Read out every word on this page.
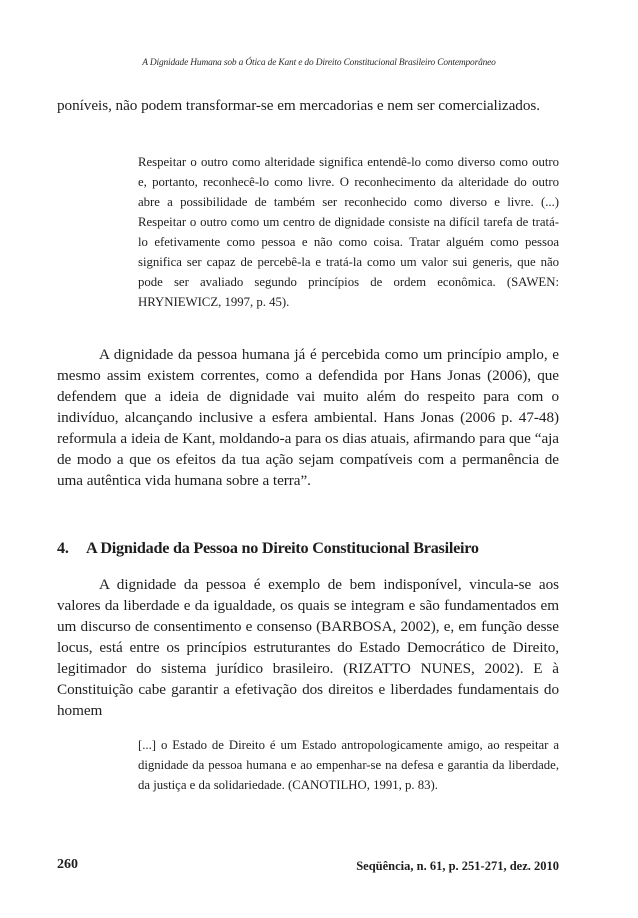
A Dignidade Humana sob a Ótica de Kant e do Direito Constitucional Brasileiro Contemporâneo

poníveis, não podem transformar-se em mercadorias e nem ser comercializados.

Respeitar o outro como alteridade significa entendê-lo como diverso como outro e, portanto, reconhecê-lo como livre. O reconhecimento da alteridade do outro abre a possibilidade de também ser reconhecido como diverso e livre. (...) Respeitar o outro como um centro de dignidade consiste na difícil tarefa de tratá-lo efetivamente como pessoa e não como coisa. Tratar alguém como pessoa significa ser capaz de percebê-la e tratá-la como um valor sui generis, que não pode ser avaliado segundo princípios de ordem econômica. (SAWEN: HRYNIEWICZ, 1997, p. 45).

A dignidade da pessoa humana já é percebida como um princípio amplo, e mesmo assim existem correntes, como a defendida por Hans Jonas (2006), que defendem que a ideia de dignidade vai muito além do respeito para com o indivíduo, alcançando inclusive a esfera ambiental. Hans Jonas (2006 p. 47-48) reformula a ideia de Kant, moldando-a para os dias atuais, afirmando para que “aja de modo a que os efeitos da tua ação sejam compatíveis com a permanência de uma autêntica vida humana sobre a terra”.

4. A Dignidade da Pessoa no Direito Constitucional Brasileiro

A dignidade da pessoa é exemplo de bem indisponível, vincula-se aos valores da liberdade e da igualdade, os quais se integram e são fundamentados em um discurso de consentimento e consenso (BARBOSA, 2002), e, em função desse locus, está entre os princípios estruturantes do Estado Democrático de Direito, legitimador do sistema jurídico brasileiro. (RIZATTO NUNES, 2002). E à Constituição cabe garantir a efetivação dos direitos e liberdades fundamentais do homem

[...] o Estado de Direito é um Estado antropologicamente amigo, ao respeitar a dignidade da pessoa humana e ao empenhar-se na defesa e garantia da liberdade, da justiça e da solidariedade. (CANOTILHO, 1991, p. 83).

260	Seqüência, n. 61, p. 251-271, dez. 2010
